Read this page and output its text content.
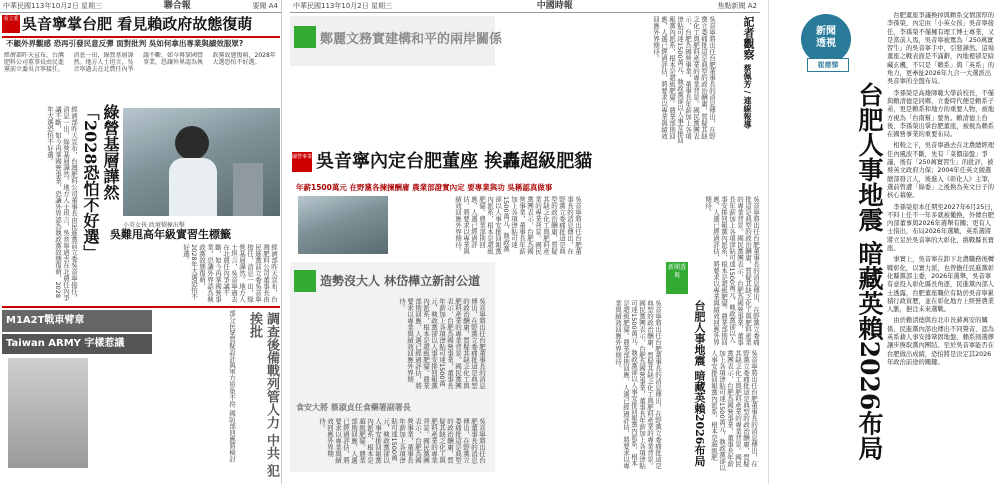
中華民國113年10月2日 星期三	聯合報	要聞 A4
看立委 吳音寧掌台肥 看見賴政府故態復萌
不顧外界觀感 恐再引發民意反彈 面對批判 吳如何拿出專業與績效服眾?
經濟部昨天宣布，台灣肥料公司董事長由民進黨前立委吳音寧接任，消息一出，綠營基層譁然。地方人士坦言，吳音寧過去在北農任內爭議不斷，如今再掌國營事業，恐讓外界認為執政黨故態復萌，2028年大選恐怕不好選。
綠營基層譁然
「2028恐怕不好選」	小英女孩 政壇積極出擊
吳難甩高年級實習生標籤
經濟部昨天宣布，台灣肥料公司董事長由民進黨前立委吳音寧接任，消息一出，綠營基層譁然。地方人士坦言，吳音寧過去在北農任內爭議不斷，如今再掌國營事業，恐讓外界認為執政黨故態復萌，2028年大選恐怕不好選。
經濟部昨天宣布，台灣肥料公司董事長由民進黨前立委吳音寧接任，消息一出，綠營基層譁然。地方人士坦言，吳音寧過去在北農任內爭議不斷，如今再掌國營事業，恐讓外界認為執政黨故態復萌，2028年大選恐怕不好選。
M1A2T戰車臂章
Taiwan ARMY 字樣惹議	部分民眾質疑設計與軍方形象不符 國防部回應將檢討	調查後備戰列管人力 中共 犯 挨批
中華民國113年10月2日 星期三	中國時報	焦點新聞 A2
記者觀察 蔡佩芳 / 連線報導
吳音寧將出任台肥董事長的消息傳出，在野黨立委痛批這是典型的政治酬庸，質疑其缺乏化工與肥料產業的專業背景。國民黨團表示，台肥為國營事業，董事長年薪加上各項津貼可達1500萬元，執政黨卻以人事安排回報黨內派系，根本是超級肥貓。農業部則回應，人選已經過評估，將要求以專業與績效回應外界期待。
鄭麗文務實建構和平的兩岸關係
國營事業 吳音寧內定台肥董座 挨轟超級肥貓
年薪1500萬元 在野黨各揀揀酬庸 農業部證實內定 要專業與功 吳稱認真做事
吳音寧將出任台肥董事長的消息傳出，在野黨立委痛批這是典型的政治酬庸，質疑其缺乏化工與肥料產業的專業背景。國民黨團表示，台肥為國營事業，董事長年薪加上各項津貼可達1500萬元，執政黨卻以人事安排回報黨內派系，根本是超級肥貓。農業部則回應，人選已經過評估，將要求以專業與績效回應外界期待。	吳音寧將出任台肥董事長的消息傳出，在野黨立委痛批這是典型的政治酬庸，質疑其缺乏化工與肥料產業的專業背景。國民黨團表示，台肥為國營事業，董事長年薪加上各項津貼可達1500萬元，執政黨卻以人事安排回報黨內派系，根本是超級肥貓。農業部則回應，人選已經過評估，將要求以專業與績效回應外界期待。
造勢沒大人 林岱樺立新討公道
吳音寧將出任台肥董事長的消息傳出，在野黨立委痛批這是典型的政治酬庸，質疑其缺乏化工與肥料產業的專業背景。國民黨團表示，台肥為國營事業，董事長年薪加上各項津貼可達1500萬元，執政黨卻以人事安排回報黨內派系，根本是超級肥貓。農業部則回應，人選已經過評估，將要求以專業與績效回應外界期待。
食安大將 蔡淑貞任食藥署副署長
吳音寧將出任台肥董事長的消息傳出，在野黨立委痛批這是典型的政治酬庸，質疑其缺乏化工與肥料產業的專業背景。國民黨團表示，台肥為國營事業，董事長年薪加上各項津貼可達1500萬元，執政黨卻以人事安排回報黨內派系，根本是超級肥貓。農業部則回應，人選已經過評估，將要求以專業與績效回應外界期待。
新聞透視
台肥人事地震 暗藏英賴2026布局
吳音寧將出任台肥董事長的消息傳出，在野黨立委痛批這是典型的政治酬庸，質疑其缺乏化工與肥料產業的專業背景。國民黨團表示，台肥為國營事業，董事長年薪加上各項津貼可達1500萬元，執政黨卻以人事安排回報黨內派系，根本是超級肥貓。農業部則回應，人選已經過評估，將要求以專業與績效回應外界期待。	吳音寧將出任台肥董事長的消息傳出，在野黨立委痛批這是典型的政治酬庸，質疑其缺乏化工與肥料產業的專業背景。國民黨團表示，台肥為國營事業，董事長年薪加上各項津貼可達1500萬元，執政黨卻以人事安排回報黨內派系，根本是超級肥
新聞
透視
崔慈悌
台肥人事地震 暗藏英賴2026布局

台肥董座爭議換掉與賴系交情深厚的李孫榮，內定由「小英女孩」吳音寧接任，李孫榮不僅擁有理工博士專業，又是當前人馬，吳音寧被罵為「250萬實習生」的吳音寧手中，引發譁然。這場董座之戰表面是不滿辭，內地裡卻是暗藏玄機，不只是「賴系」與「英系」的角力，更牽扯2026年九合一大選派出吳音寧的全盤布局。

李孫榮是高雄師範大學前校長，不僅與賴清德是同鄉，立委時代便是賴系子弟，更是賴系和地方的重要人物，被地方視為「台南幫」要角。賴清德上台後，李孫榮出掌台肥董座，被視為賴系在國營事業的重要布局。

相較之下，吳音寧過去在北農總經理任內風波不斷，先有「菜價崩盤」爭議，後有「250萬實習生」的批評，被蔡英文政府力保；2004年任英文競選總部發言人，後進入《彰化人》主筆，選前曾遭「綠委」之後換為英文日子的核心幕僚。

李孫榮原本任期至2027年6月25日，不料上任不一年多就被撤換，外傳台肥內部董事與2026年選舉有關；更有人士指出，布局2026年選戰，英系選將將立足於吳音寧的大彰化，挑戰縣長寶座。

事實上，吳音寧在卸下北農職務後轉戰彰化，以實力派，也曾擔任民進黨彰化縣黨部主委，2026年選舉，吳音寧有意投入彰化縣長角逐，民進黨內部人士透露，台肥董座職位有助於吳音寧累積行政資歷，並在彰化地方上經營農業人脈，挹注未來選戰。

由於賴清德與台北市長蔣萬安的關係，民進黨內部也傳出不同聲音，認為英系藉人事安排鞏固地盤，賴系則選擇讓步換取黨內團結。至於吳音寧能否在台肥做出成績，恐怕將是決定其2026年政治前途的關鍵。
